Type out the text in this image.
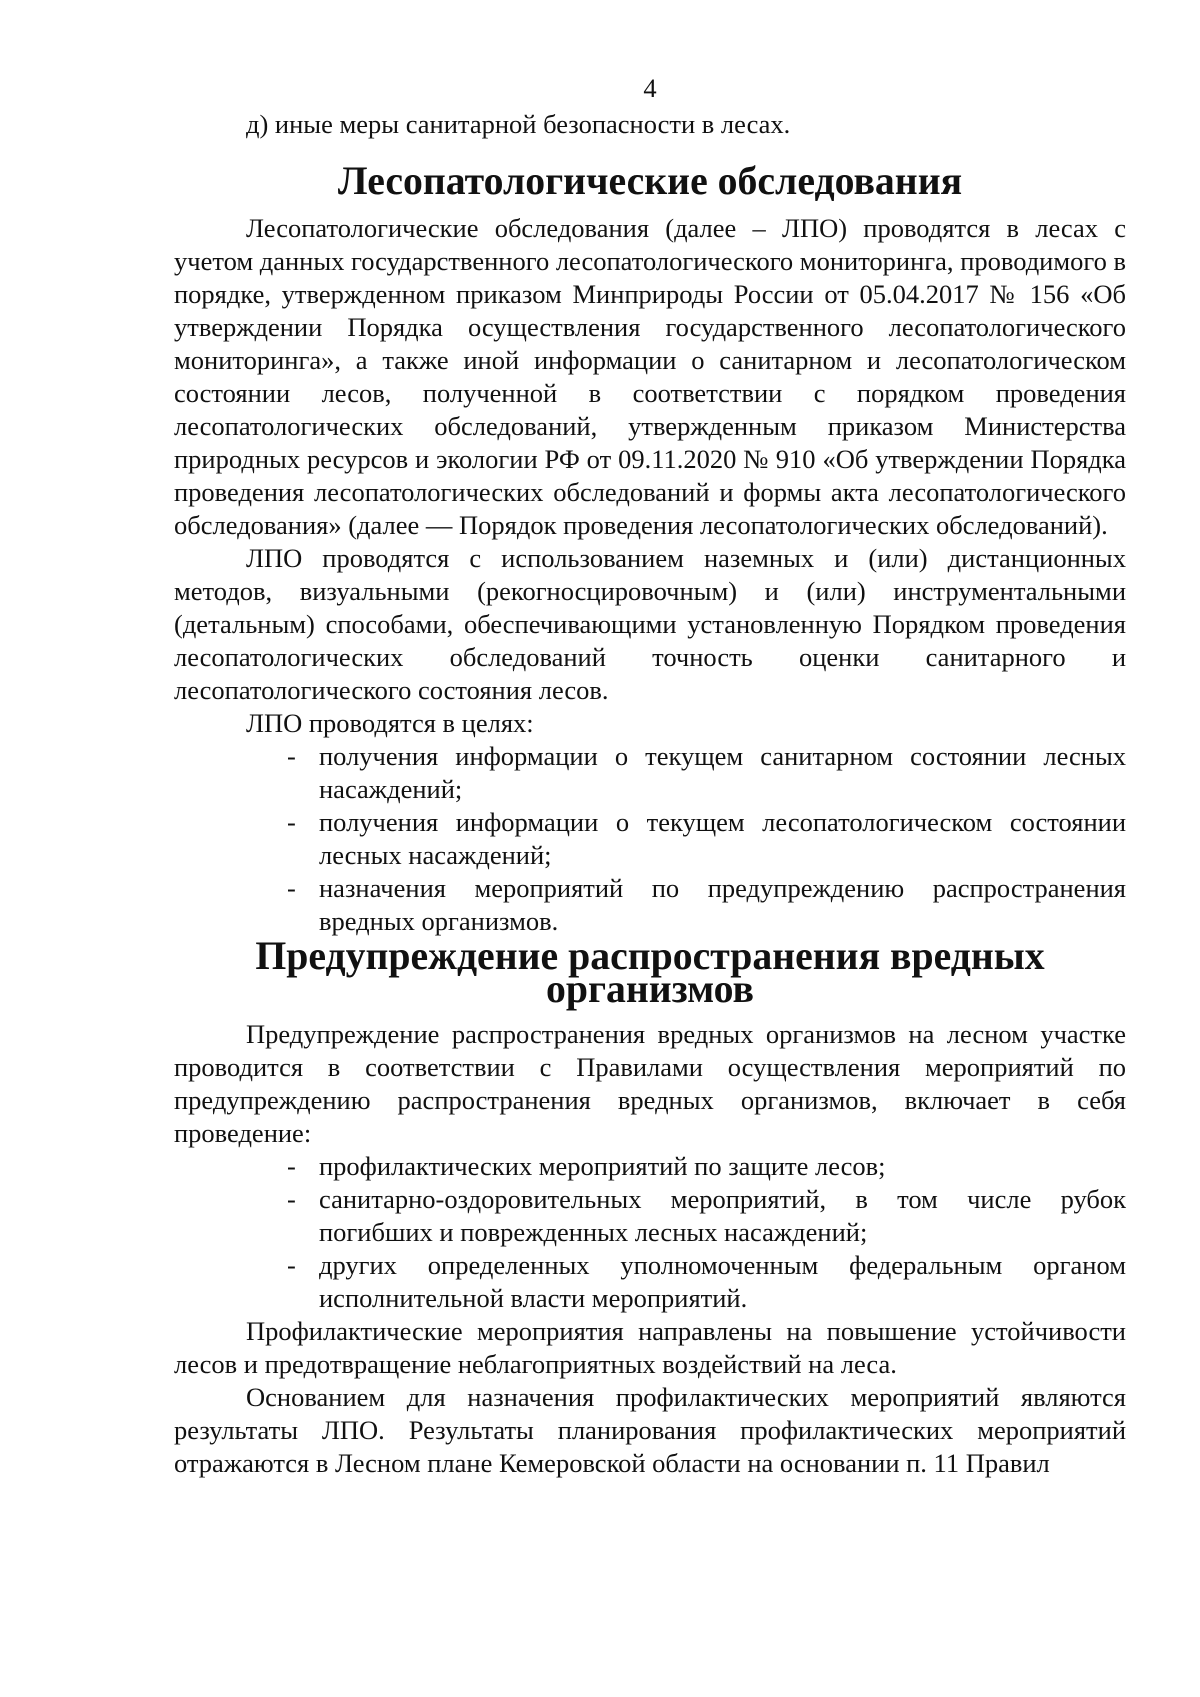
4

д) иные меры санитарной безопасности в лесах.

Лесопатологические обследования

Лесопатологические обследования (далее – ЛПО) проводятся в лесах с учетом данных государственного лесопатологического мониторинга, проводимого в порядке, утвержденном приказом Минприроды России от 05.04.2017 № 156 «Об утверждении Порядка осуществления государственного лесопатологического мониторинга», а также иной информации о санитарном и лесопатологическом состоянии лесов, полученной в соответствии с порядком проведения лесопатологических обследований, утвержденным приказом Министерства природных ресурсов и экологии РФ от 09.11.2020 № 910 «Об утверждении Порядка проведения лесопатологических обследований и формы акта лесопатологического обследования» (далее — Порядок проведения лесопатологических обследований).

ЛПО проводятся с использованием наземных и (или) дистанционных методов, визуальными (рекогносцировочным) и (или) инструментальными (детальным) способами, обеспечивающими установленную Порядком проведения лесопатологических обследований точность оценки санитарного и лесопатологического состояния лесов.

ЛПО проводятся в целях:

- получения информации о текущем санитарном состоянии лесных насаждений;
- получения информации о текущем лесопатологическом состоянии лесных насаждений;
- назначения мероприятий по предупреждению распространения вредных организмов.
Предупреждение распространения вредных организмов

Предупреждение распространения вредных организмов на лесном участке проводится в соответствии с Правилами осуществления мероприятий по предупреждению распространения вредных организмов, включает в себя проведение:

- профилактических мероприятий по защите лесов;
- санитарно-оздоровительных мероприятий, в том числе рубок погибших и поврежденных лесных насаждений;
- других определенных уполномоченным федеральным органом исполнительной власти мероприятий.

Профилактические мероприятия направлены на повышение устойчивости лесов и предотвращение неблагоприятных воздействий на леса.

Основанием для назначения профилактических мероприятий являются результаты ЛПО. Результаты планирования профилактических мероприятий отражаются в Лесном плане Кемеровской области на основании п. 11 Правил
